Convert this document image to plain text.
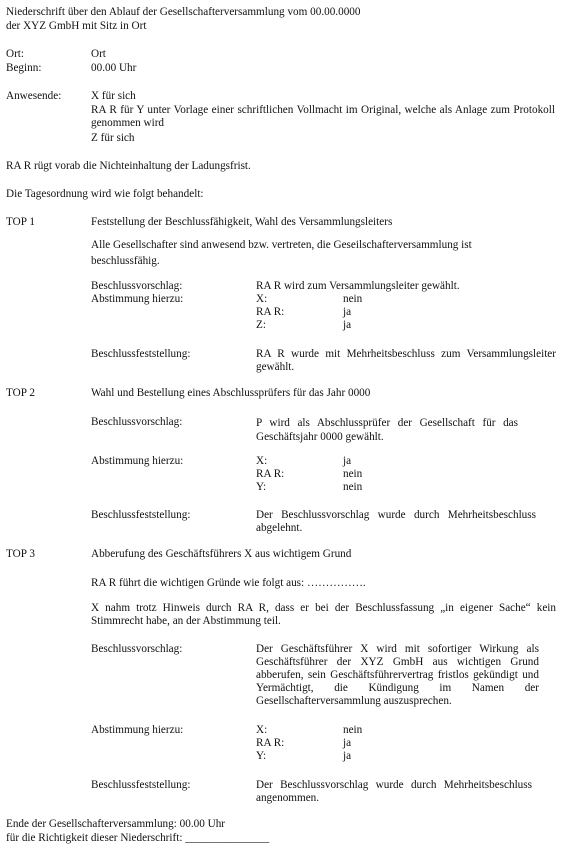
Niederschrift über den Ablauf der Gesellschafterversammlung vom 00.00.0000
der XYZ GmbH mit Sitz in Ort
Ort:	Ort
Beginn:	00.00 Uhr
Anwesende:	X für sich
RA R für Y unter Vorlage einer schriftlichen Vollmacht im Original, welche als Anlage zum Protokoll genommen wird
Z für sich
RA R rügt vorab die Nichteinhaltung der Ladungsfrist.
Die Tagesordnung wird wie folgt behandelt:
TOP 1	Feststellung der Beschlussfähigkeit, Wahl des Versammlungsleiters
Alle Gesellschafter sind anwesend bzw. vertreten, die Geseilschafterversammlung ist beschlussfähig.
Beschlussvorschlag:	RA R wird zum Versammlungsleiter gewählt.
Abstimmung hierzu:	X:	nein
RA R:	ja
Z:	ja
Beschlussfeststellung:	RA R wurde mit Mehrheitsbeschluss zum Versammlungsleiter gewählt.
TOP 2	Wahl und Bestellung eines Abschlussprüfers für das Jahr 0000
Beschlussvorschlag:	P wird als Abschlussprüfer der Gesellschaft für das Geschäftsjahr 0000 gewählt.
Abstimmung hierzu:	X:	ja
RA R:	nein
Y:	nein
Beschlussfeststellung:	Der Beschlussvorschlag wurde durch Mehrheitsbeschluss abgelehnt.
TOP 3	Abberufung des Geschäftsführers X aus wichtigem Grund
RA R führt die wichtigen Gründe wie folgt aus: …………….
X nahm trotz Hinweis durch RA R, dass er bei der Beschlussfassung „in eigener Sache“ kein Stimmrecht habe, an der Abstimmung teil.
Beschlussvorschlag:	Der Geschäftsführer X wird mit sofortiger Wirkung als Geschäftsführer der XYZ GmbH aus wichtigen Grund abberufen, sein Geschäftsführervertrag fristlos gekündigt und Yermächtigt, die Kündigung im Namen der Gesellschafterversammlung auszusprechen.
Abstimmung hierzu:	X:	nein
RA R:	ja
Y:	ja
Beschlussfeststellung:	Der Beschlussvorschlag wurde durch Mehrheitsbeschluss angenommen.
Ende der Gesellschafterversammlung: 00.00 Uhr
für die Richtigkeit dieser Niederschrift: _______________
